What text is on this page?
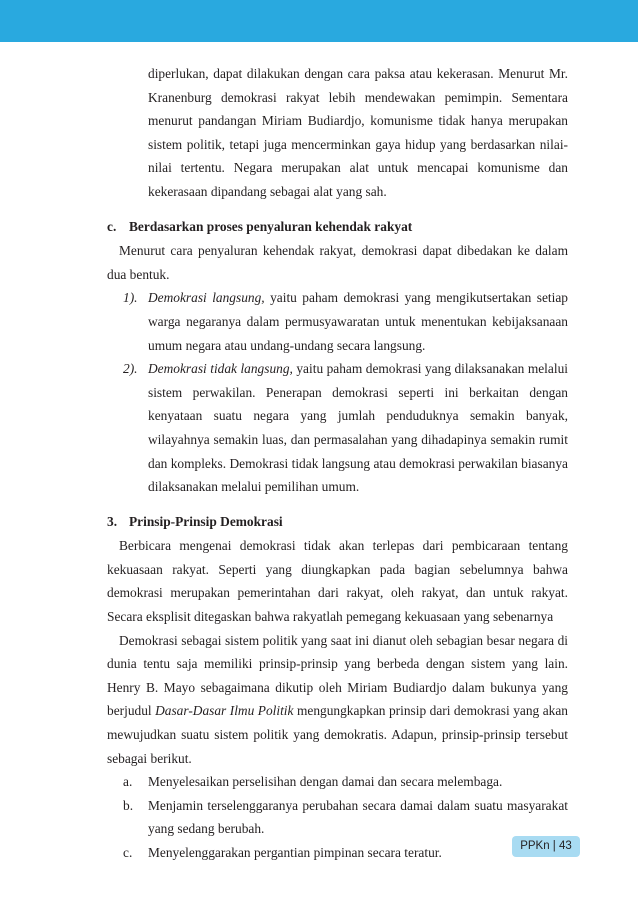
diperlukan, dapat dilakukan dengan cara paksa atau kekerasan. Menurut Mr. Kranenburg demokrasi rakyat lebih mendewakan pemimpin. Sementara menurut pandangan Miriam Budiardjo, komunisme tidak hanya merupakan sistem politik, tetapi juga mencerminkan gaya hidup yang berdasarkan nilai-nilai tertentu. Negara merupakan alat untuk mencapai komunisme dan kekerasaan dipandang sebagai alat yang sah.

c. Berdasarkan proses penyaluran kehendak rakyat

Menurut cara penyaluran kehendak rakyat, demokrasi dapat dibedakan ke dalam dua bentuk.

1). Demokrasi langsung, yaitu paham demokrasi yang mengikutsertakan setiap warga negaranya dalam permusyawaratan untuk menentukan kebijaksanaan umum negara atau undang-undang secara langsung.

2). Demokrasi tidak langsung, yaitu paham demokrasi yang dilaksanakan melalui sistem perwakilan. Penerapan demokrasi seperti ini berkaitan dengan kenyataan suatu negara yang jumlah penduduknya semakin banyak, wilayahnya semakin luas, dan permasalahan yang dihadapinya semakin rumit dan kompleks. Demokrasi tidak langsung atau demokrasi perwakilan biasanya dilaksanakan melalui pemilihan umum.

3. Prinsip-Prinsip Demokrasi

Berbicara mengenai demokrasi tidak akan terlepas dari pembicaraan tentang kekuasaan rakyat. Seperti yang diungkapkan pada bagian sebelumnya bahwa demokrasi merupakan pemerintahan dari rakyat, oleh rakyat, dan untuk rakyat. Secara eksplisit ditegaskan bahwa rakyatlah pemegang kekuasaan yang sebenarnya

Demokrasi sebagai sistem politik yang saat ini dianut oleh sebagian besar negara di dunia tentu saja memiliki prinsip-prinsip yang berbeda dengan sistem yang lain. Henry B. Mayo sebagaimana dikutip oleh Miriam Budiardjo dalam bukunya yang berjudul Dasar-Dasar Ilmu Politik mengungkapkan prinsip dari demokrasi yang akan mewujudkan suatu sistem politik yang demokratis. Adapun, prinsip-prinsip tersebut sebagai berikut.

a. Menyelesaikan perselisihan dengan damai dan secara melembaga.

b. Menjamin terselenggaranya perubahan secara damai dalam suatu masyarakat yang sedang berubah.

c. Menyelenggarakan pergantian pimpinan secara teratur.	PPKn | 43
